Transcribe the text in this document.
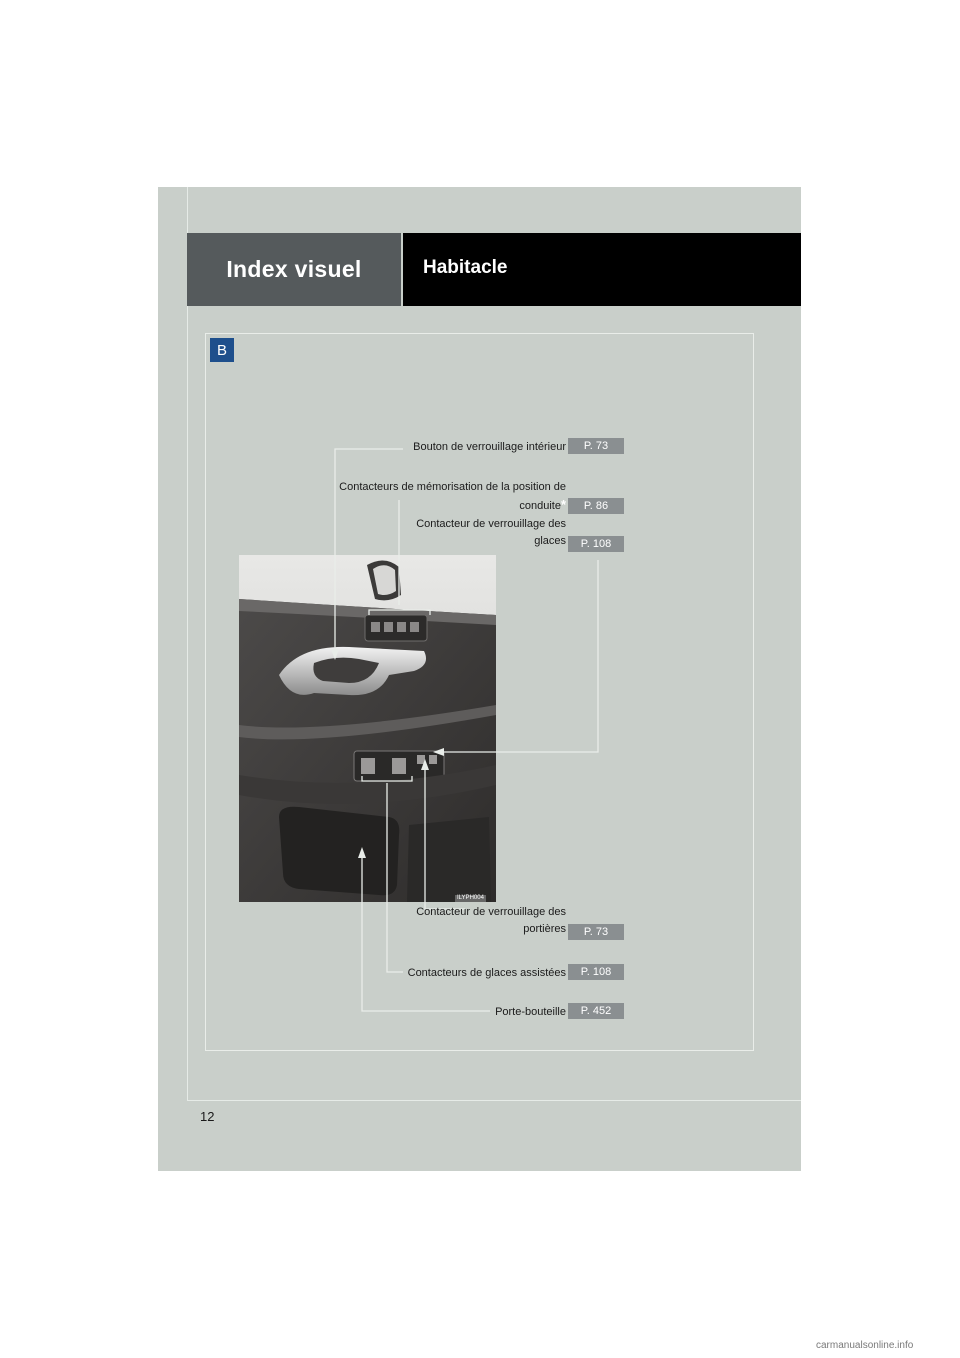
Index visuel	Habitacle
B
ILYPH004
Bouton de verrouillage intérieur	P. 73
Contacteurs de mémorisation de la position de
conduite*	P. 86
Contacteur de verrouillage des
glaces	P. 108
Contacteur de verrouillage des
portières	P. 73
Contacteurs de glaces assistées	P. 108
Porte-bouteille	P. 452
12
carmanualsonline.info
